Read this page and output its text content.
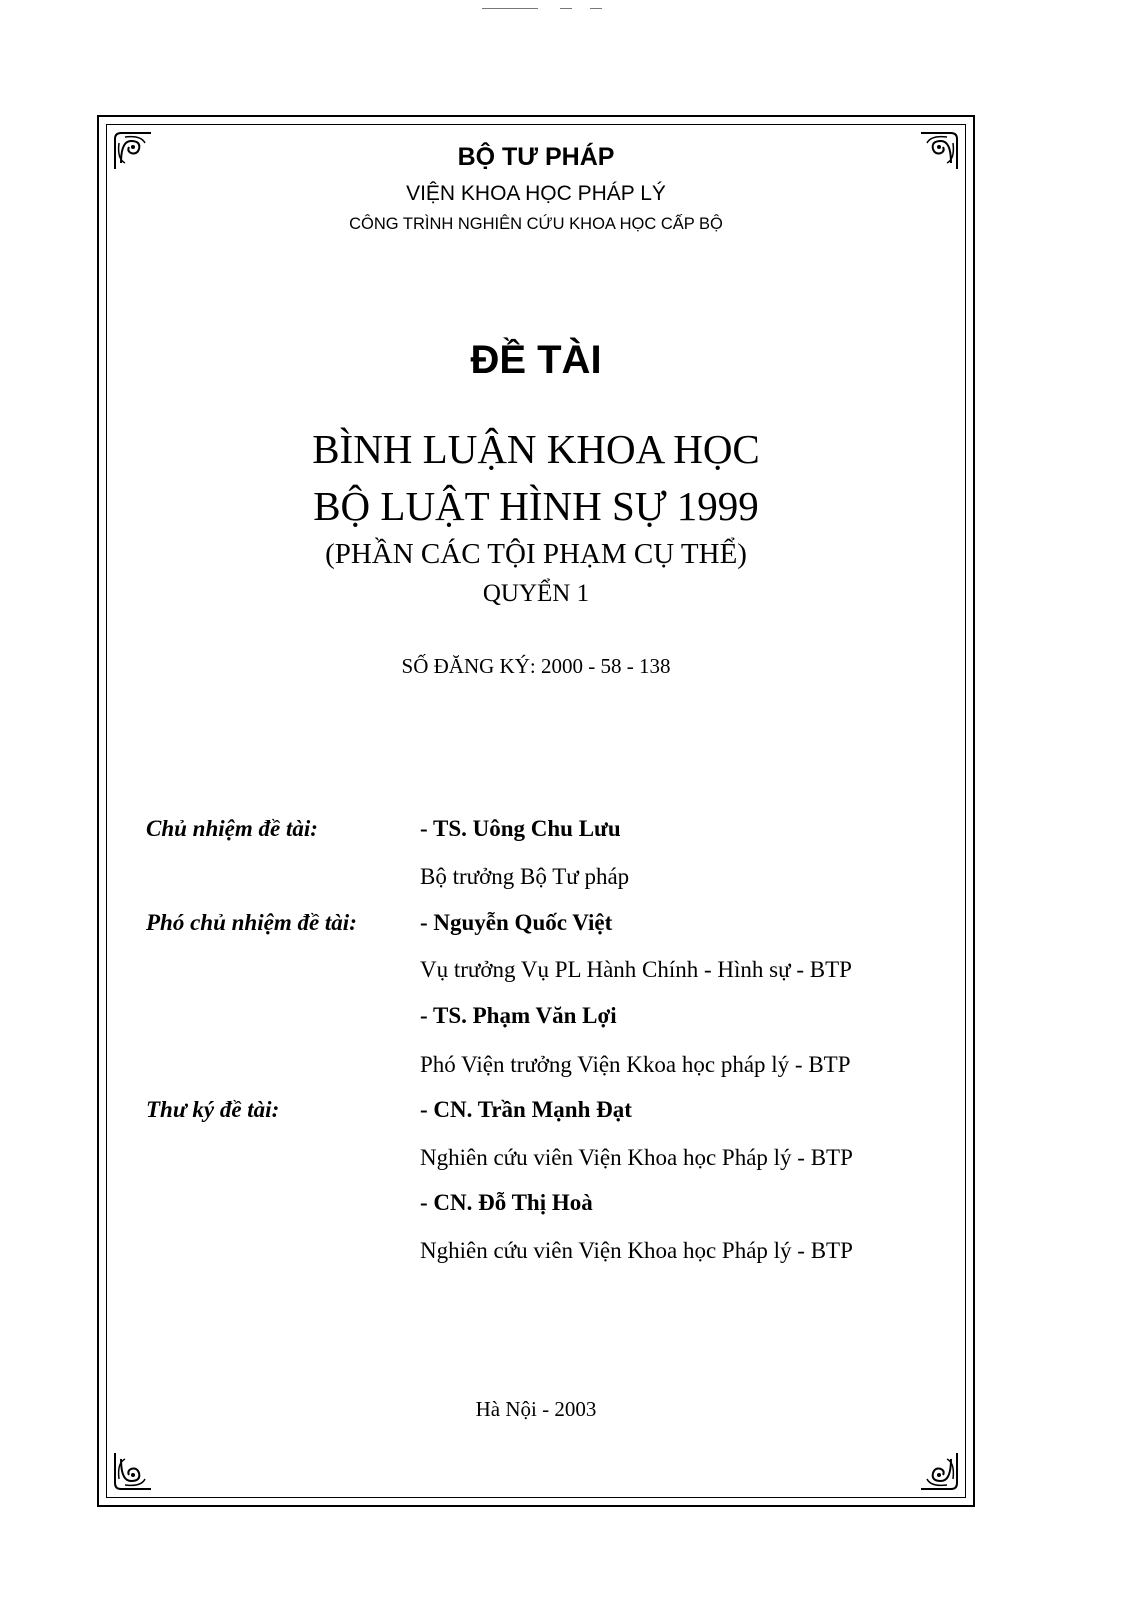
BỘ TƯ PHÁP
VIỆN KHOA HỌC PHÁP LÝ
CÔNG TRÌNH NGHIÊN CỨU KHOA HỌC CẤP BỘ
ĐỀ TÀI
BÌNH LUẬN KHOA HỌC
BỘ LUẬT HÌNH SỰ 1999
(PHẦN CÁC TỘI PHẠM CỤ THỂ)
QUYỂN 1
SỐ ĐĂNG KÝ: 2000 - 58 - 138
Chủ nhiệm đề tài:	- TS. Uông Chu Lưu
Bộ trưởng Bộ Tư pháp
Phó chủ nhiệm đề tài:	- Nguyễn Quốc Việt
Vụ trưởng Vụ PL Hành Chính - Hình sự - BTP
- TS. Phạm Văn Lợi
Phó Viện trưởng Viện Kkoa học pháp lý - BTP
Thư ký đề tài:	- CN. Trần Mạnh Đạt
Nghiên cứu viên Viện Khoa học Pháp lý - BTP
- CN. Đỗ Thị Hoà
Nghiên cứu viên Viện Khoa học Pháp lý - BTP
Hà Nội - 2003
